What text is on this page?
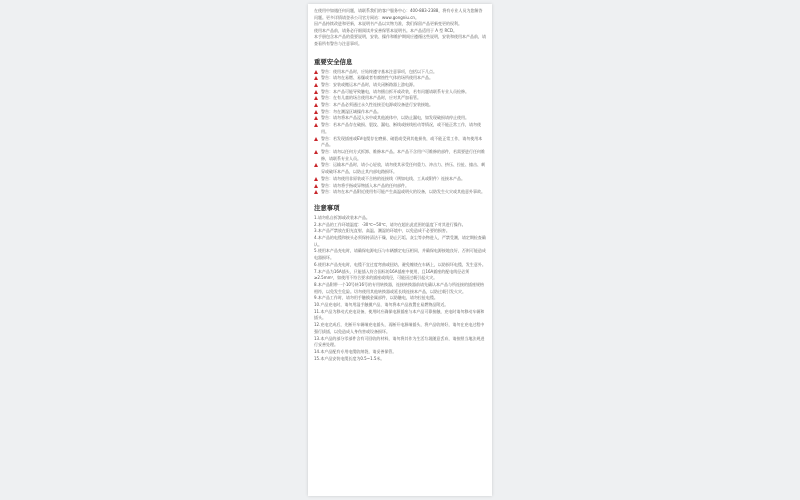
在使用中如遇任何问题，请联系我们的客户服务中心：400-883-2388，将有专业人员为您解答问题。更多详情请登录公司官方网站：www.gongniu.cn。

因产品持续改进和更新，本说明书产品以实物为准，我们保留产品更新变更的权利。

使用本产品前，请务必仔细阅读并妥善保管本说明书。本产品适用于 A 型 RCD。

本手册包含本产品的重要说明，安装、操作和维护期间应遵循这些说明，安装和使用本产品前，请查看所有警告与注意事项。

重要安全信息
警告：使用本产品时，应始终遵守基本注意事项，包括以下几点。
警告：请勿在易燃、易爆或者有腐蚀性气体的场所使用本产品。
警告：安装或搬运本产品时，请关闭断路器上游电源。
警告：本产品可能导致触电，请勿擅自拆开或改装，若有问题请联系专业人员检修。
警告：在有儿童的场合使用本产品时，应对其严加看管。
警告：本产品必须通过永久性连接至电源或设备进行安装接地。
警告：勿在潮湿区域操作本产品。
警告：请勿将本产品浸入水中或其他液体中，以防止漏电，如发现破损请停止使用。
警告：若本产品存在破损、裂纹、漏电、断线或接线松动等情况，或不能正常工作，请勿使用。
警告：若发现插座或EV电缆存在磨损、破裂或受到其他损伤，或不能正常工作，请勿使用本产品。
警告：请勿以任何方式拆卸、维修本产品。本产品不含用户可维修的部件，若需要进行任何维修，请联系专业人员。
警告：运输本产品时，请小心轻放，请勿使其承受任何重力、冲击力、挤压、拉扯、撞击、刺穿或破坏本产品，以防止其内部电路损坏。
警告：请勿使用非原装或不合格的连接线（例如电线、工具或附件）连接本产品。
警告：请勿将手指或异物插入本产品的任何部件。
警告：请勿在本产品附近使用有可能产生高温或明火的设备，以防发生火灾或其他意外事故。
注意事项

1.请勿私自拆卸或改装本产品。

2.本产品的工作环境温度：-30℃~50℃，请勿在超出此范围的温度下对其进行操作。

3.本产品严禁放在阳光直射、高温、潮湿的环境中，以免造成不必要的损害。

4.本产品的电缆和接头必须保持清洁干燥，防止污垢、灰尘等杂物进入，严禁受潮，请定期检查确认。

5.使用本产品充电时，请确保电源电压与车辆额定电压相同，并确保电源接地良好，否则可能造成电器损坏。

6.使用本产品充电时，电缆不宜过度弯曲或扭结，避免缠绕在车辆上，以防损坏电缆，发生意外。

7.本产品为16A插头，只能插入符合国标的16A插座中使用，且16A插座的配电线径必须≥2.5mm²，如使用不符合要求的插座或线径，可能因过载引起火灾。

8.本产品附带一个10号转16号的专用转换器，连接转换器前请先确认本产品与所连接的插座规格相符，以免发生危险。切勿使用其他转换器或延长线连接本产品，以防过载引发火灾。

9.本产品工作时，请勿用手触摸金属部件，以防触电，请勿拉扯电缆。

10.产品充电时，请勿用湿手触摸产品，请勿将本产品放置在易燃物品附近。

11.本产品为移动式充电设备，使用时应确保电源插座与本产品可靠接触，充电时请勿移动车辆和插头。

12.充电完成后，先断开车辆端充电插头，再断开电源端插头，将产品收纳好，请勿在充电过程中强行拔插，以免造成人身伤害或设备损坏。

13.本产品的部分零部件含有可回收的材料，请勿将其作为生活垃圾随意丢弃，请按照当地法规进行妥善处理。

14.本产品配有专用电缆收纳袋，请妥善保管。

15.本产品安装电缆长度为0.5~1.5米。
